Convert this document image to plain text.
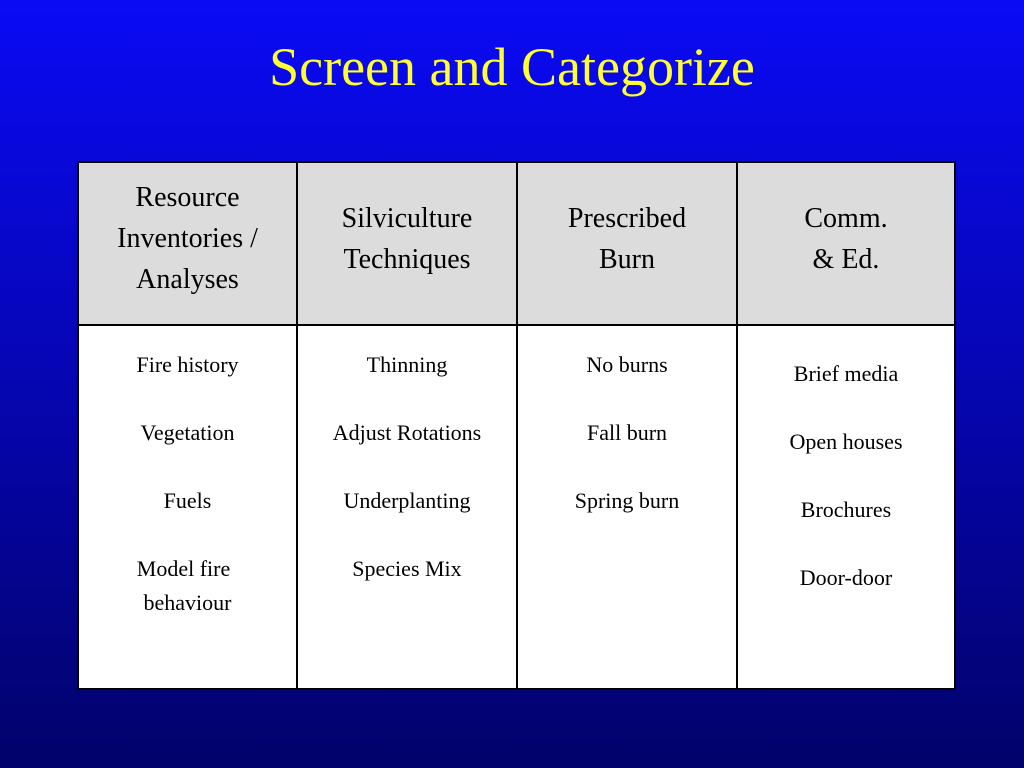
Screen and Categorize
Resource
Inventories /
Analyses
Silviculture
Techniques
Prescribed
Burn
Comm.
& Ed.
Fire history
Vegetation
Fuels
Model fire
behaviour
Thinning
Adjust Rotations
Underplanting
Species Mix
No burns
Fall burn
Spring burn
Brief media
Open houses
Brochures
Door-door
